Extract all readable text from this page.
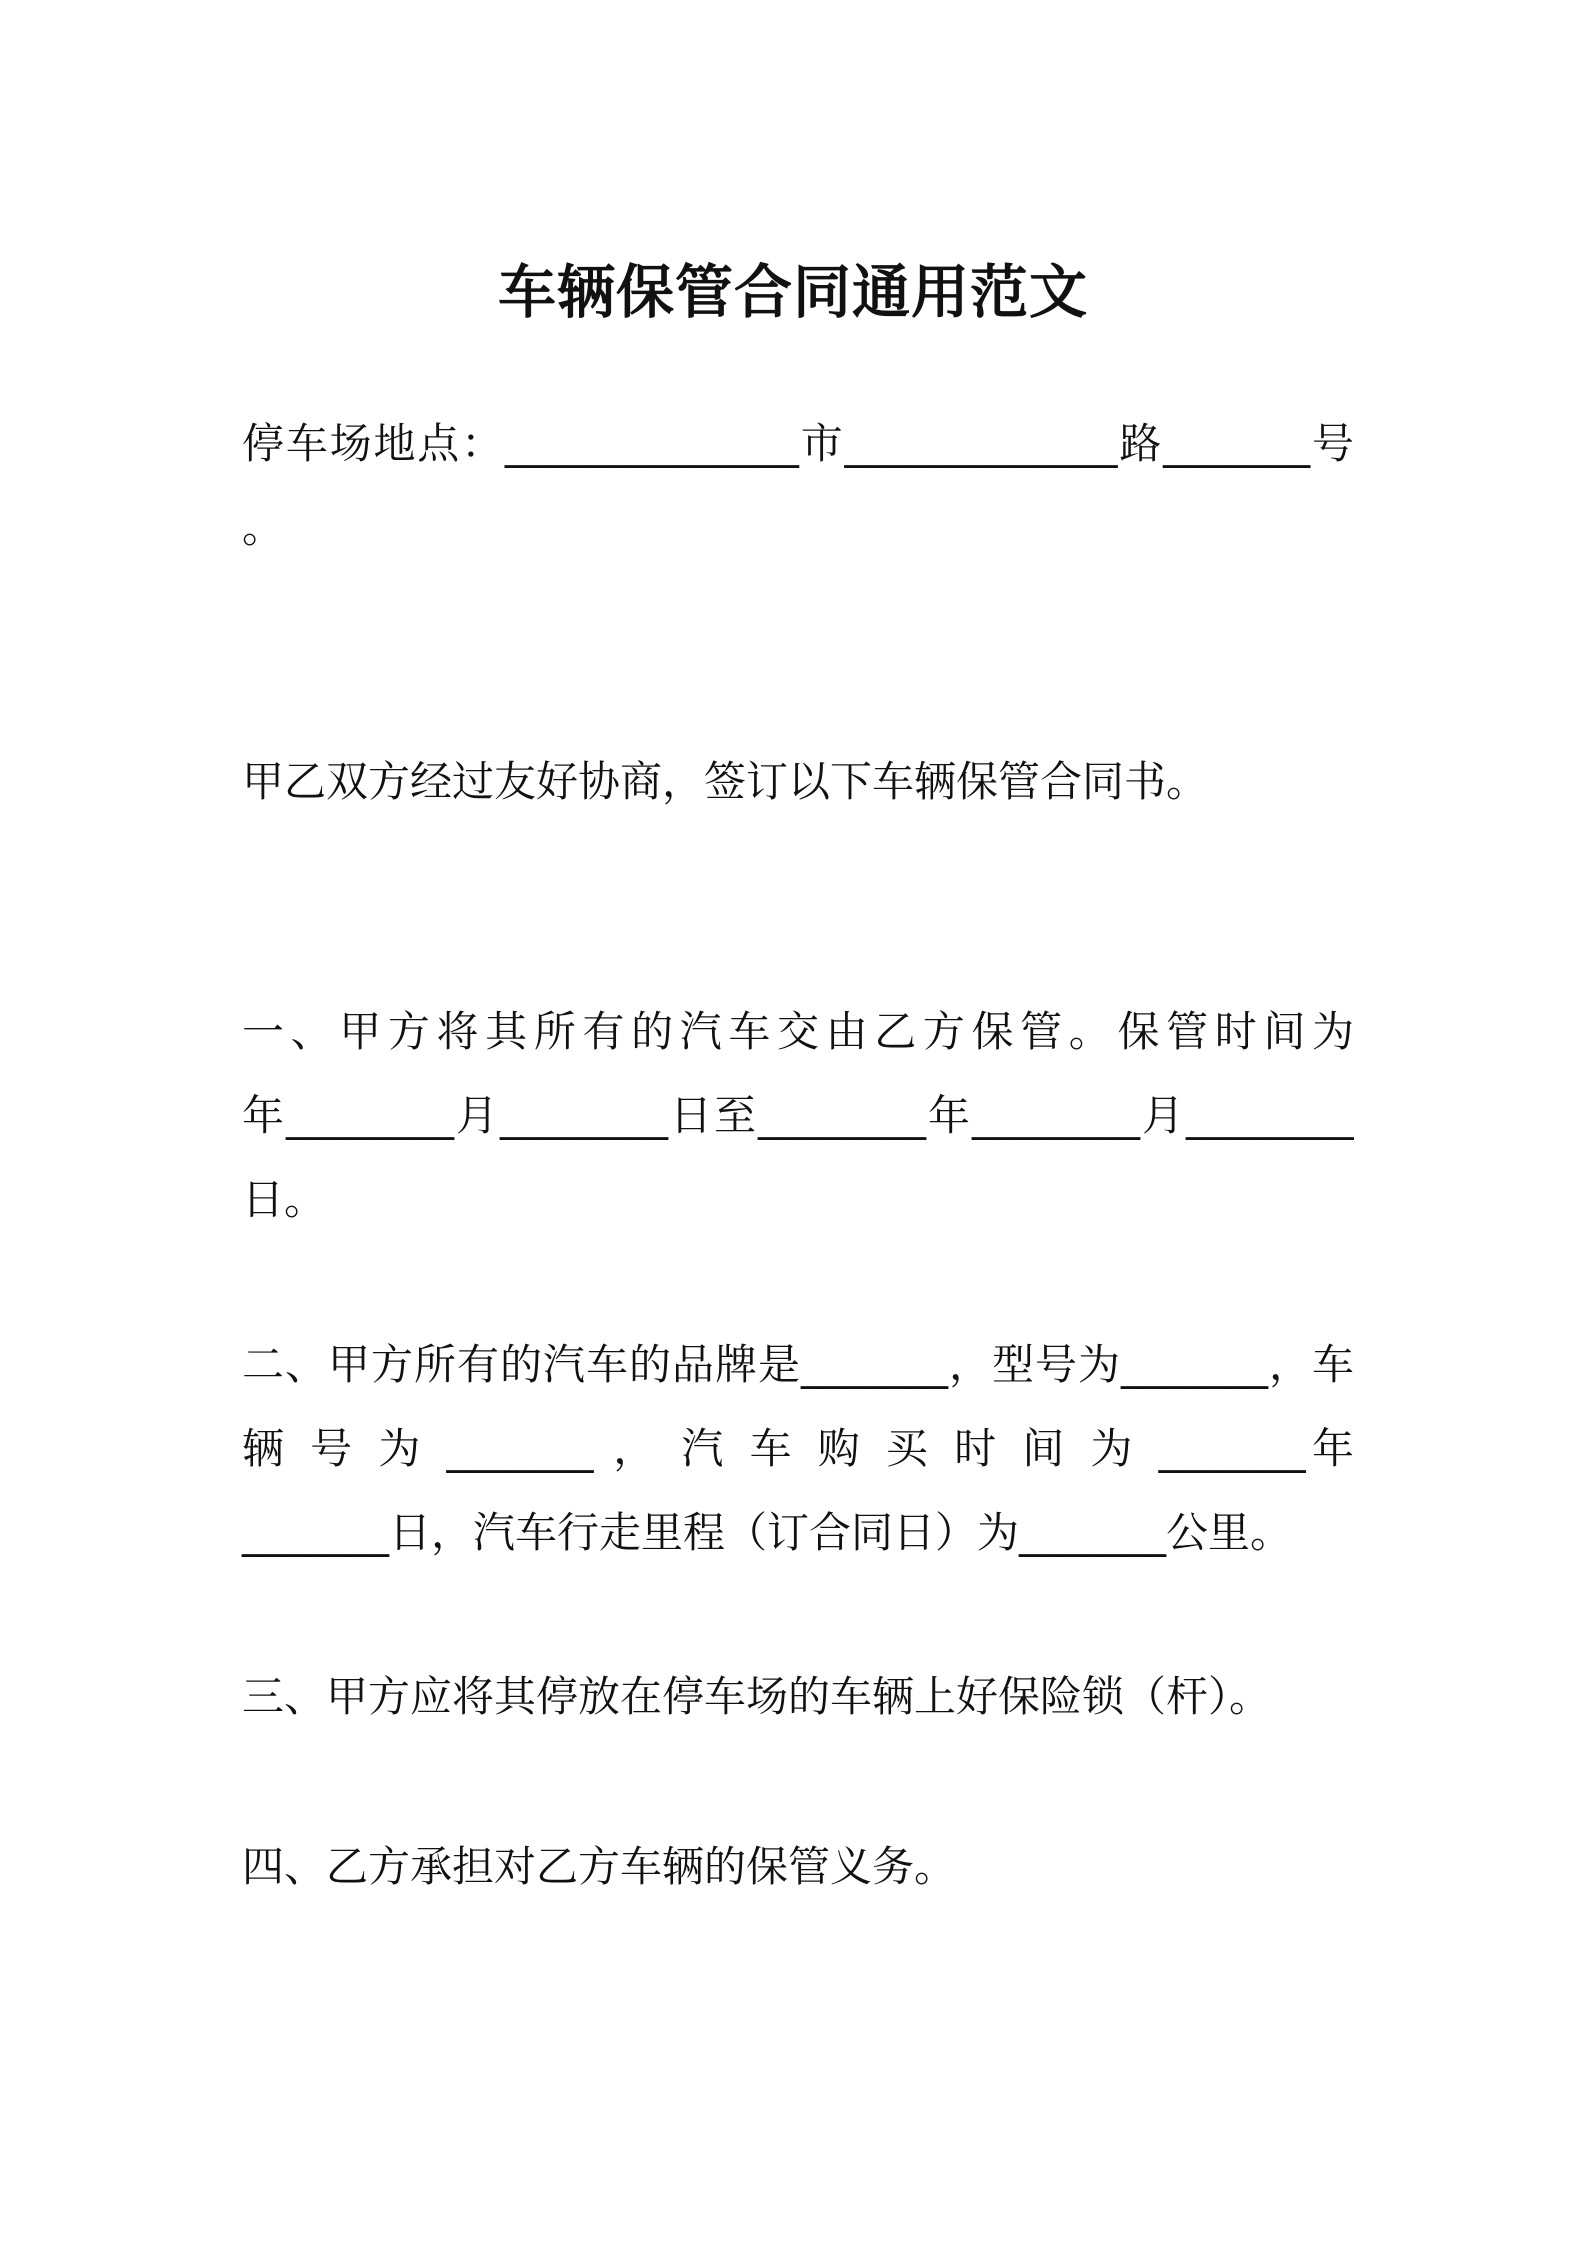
车辆保管合同通用范文
停车场地点：______________市_____________路_______号
。
甲乙双方经过友好协商，签订以下车辆保管合同书。
一、甲方将其所有的汽车交由乙方保管。保管时间为
年________月________日至________年________月________
日。
二、甲方所有的汽车的品牌是_______，型号为_______，车
辆 号 为 _______ ， 汽 车 购 买 时 间 为 _______年
_______日，汽车行走里程（订合同日）为_______公里。
三、甲方应将其停放在停车场的车辆上好保险锁（杆）。
四、乙方承担对乙方车辆的保管义务。
